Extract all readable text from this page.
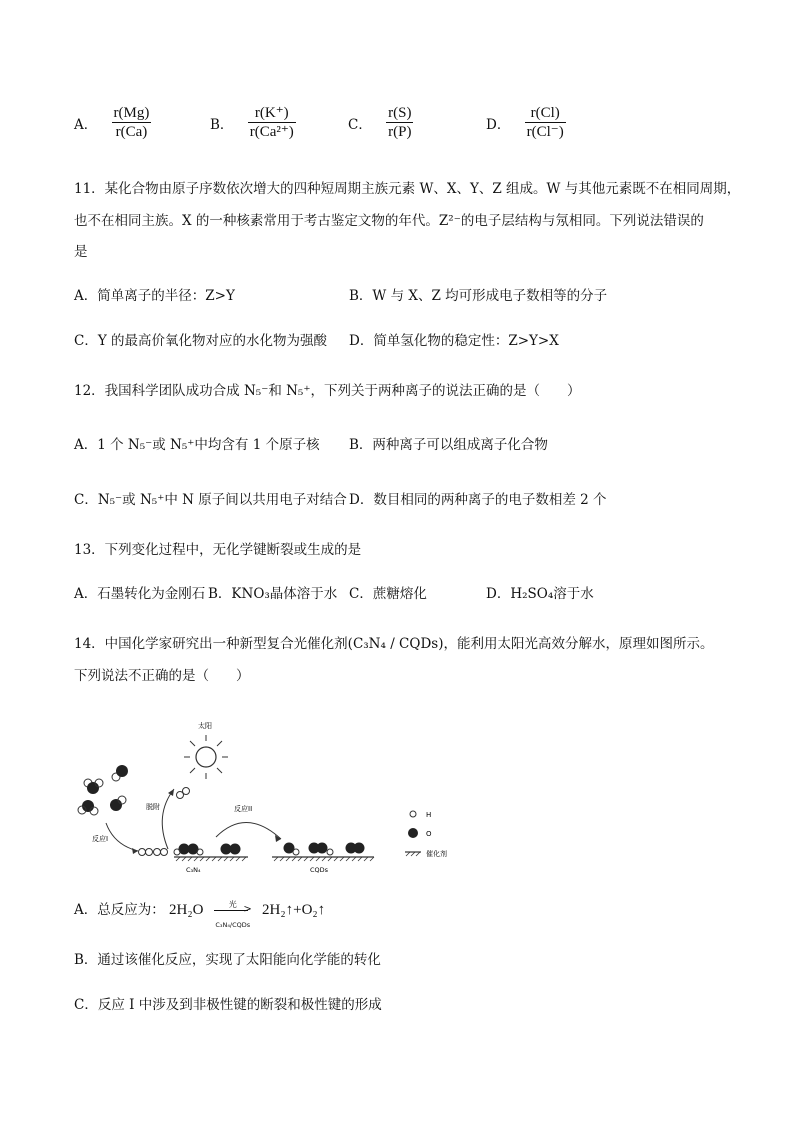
A． $\frac{r(Mg)}{r(Ca)}$	B． $\frac{r(K^+)}{\text{r(Ca²⁺)}}$	C． $\frac{r(S)}{r(P)}$	D． $\frac{r(Cl)}{r(Cl^-)}$
11．某化合物由原子序数依次增大的四种短周期主族元素 W、X、Y、Z 组成。W 与其他元素既不在相同周期，
也不在相同主族。X 的一种核素常用于考古鉴定文物的年代。Z²⁻的电子层结构与氖相同。下列说法错误的
是
A．简单离子的半径：Z>Y	B．W 与 X、Z 均可形成电子数相等的分子
C．Y 的最高价氧化物对应的水化物为强酸 D．简单氢化物的稳定性：Z>Y>X
12．我国科学团队成功合成 N₅⁻和 N₅⁺，下列关于两种离子的说法正确的是（　　）
A．1 个 N₅⁻或 N₅⁺中均含有 1 个原子核 B．两种离子可以组成离子化合物
C．N₅⁻或 N₅⁺中 N 原子间以共用电子对结合 D．数目相同的两种离子的电子数相差 2 个
13．下列变化过程中，无化学键断裂或生成的是
A．石墨转化为金刚石 B．KNO₃晶体溶于水 C．蔗糖熔化	D．H₂SO₄溶于水
14．中国化学家研究出一种新型复合光催化剂(C₃N₄ / CQDs)，能利用太阳光高效分解水，原理如图所示。
下列说法不正确的是（　　）
太阳
反应I
脱附
C₃N₄
反应II
CQDs
H
O
催化剂
A．总反应为： 2H₂O	光 >
C₃N₄/CQDs
2H₂↑+O₂↑
B．通过该催化反应，实现了太阳能向化学能的转化
C．反应 I 中涉及到非极性键的断裂和极性键的形成
